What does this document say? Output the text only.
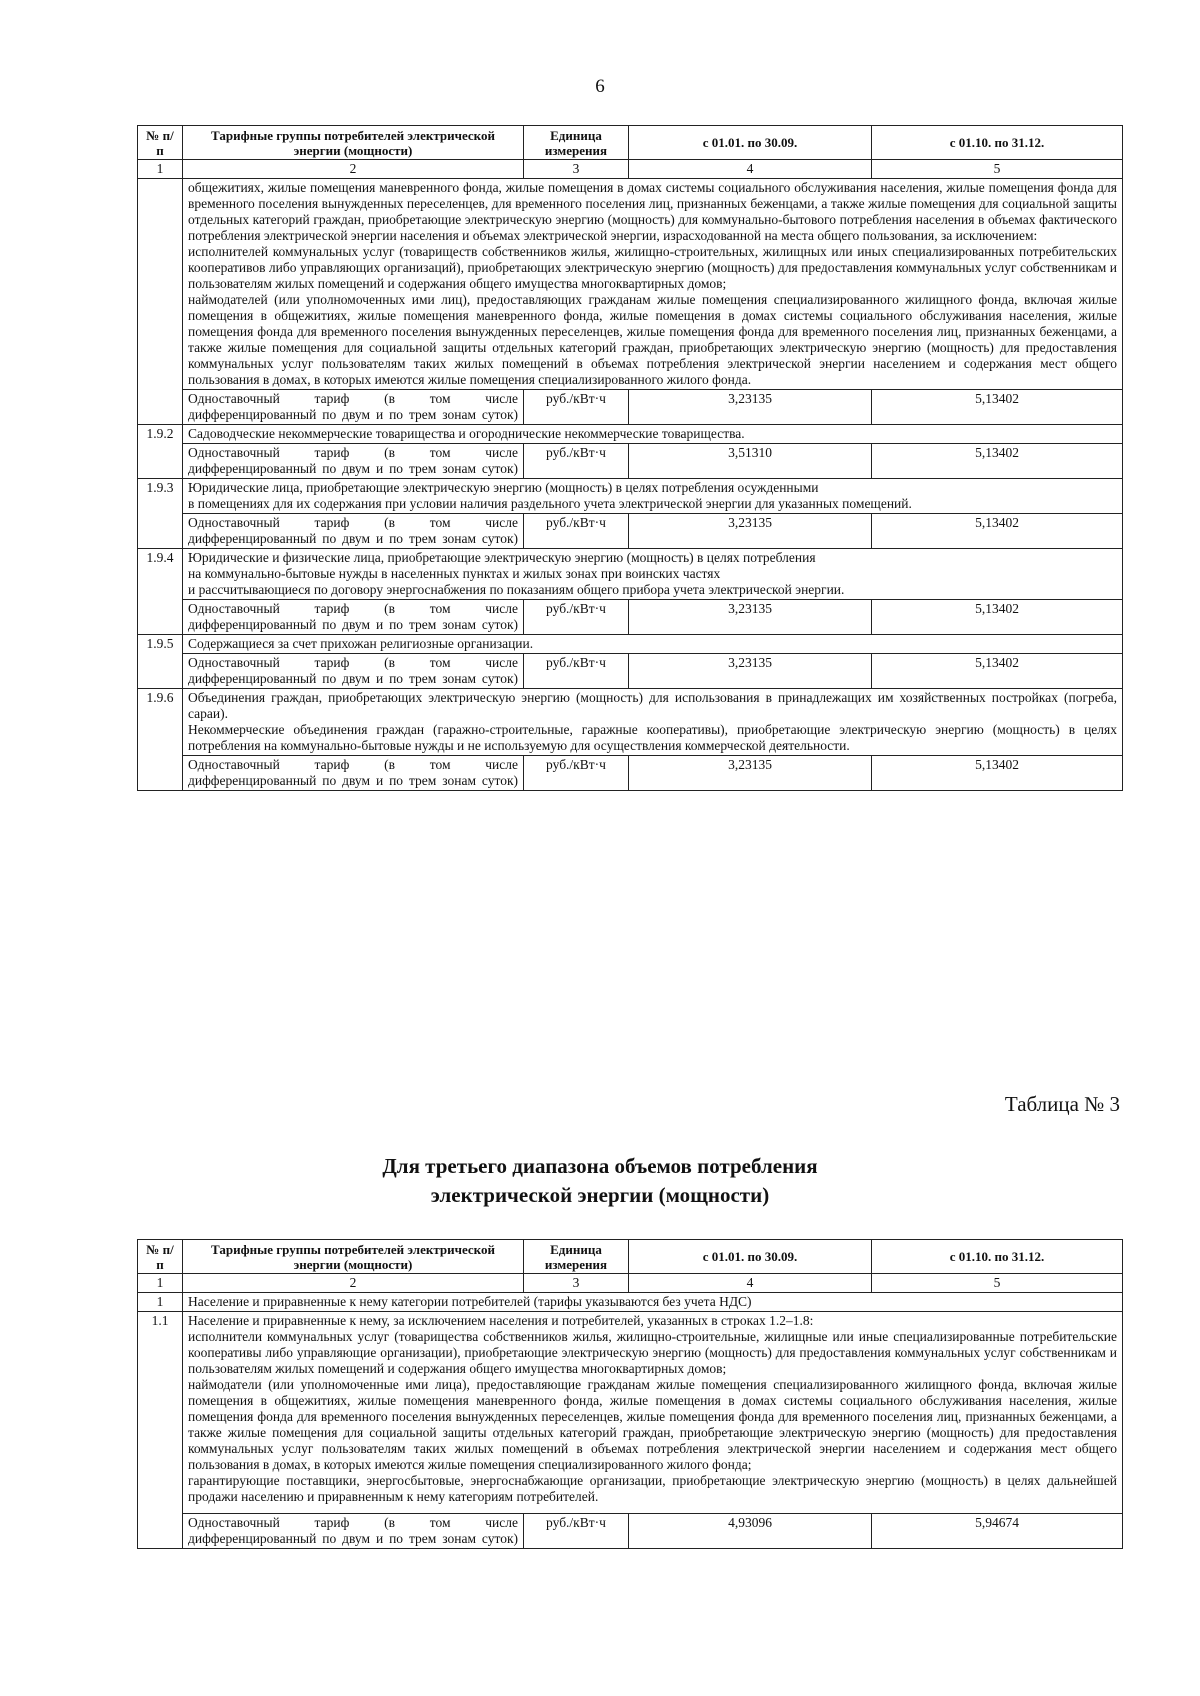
6
№ п/п	Тарифные группы потребителей электрической энергии (мощности)	Единица измерения	с 01.01. по 30.09.	с 01.10. по 31.12.
1	2	3	4	5
	общежитиях, жилые помещения маневренного фонда, жилые помещения в домах системы социального обслуживания населения, жилые помещения фонда для временного поселения вынужденных переселенцев, для временного поселения лиц, признанных беженцами, а также жилые помещения для социальной защиты отдельных категорий граждан, приобретающие электрическую энергию (мощность) для коммунально-бытового потребления населения в объемах фактического потребления электрической энергии населения и объемах электрической энергии, израсходованной на места общего пользования, за исключением:
исполнителей коммунальных услуг (товариществ собственников жилья, жилищно-строительных, жилищных или иных специализированных потребительских кооперативов либо управляющих организаций), приобретающих электрическую энергию (мощность) для предоставления коммунальных услуг собственникам и пользователям жилых помещений и содержания общего имущества многоквартирных домов;
наймодателей (или уполномоченных ими лиц), предоставляющих гражданам жилые помещения специализированного жилищного фонда, включая жилые помещения в общежитиях, жилые помещения маневренного фонда, жилые помещения в домах системы социального обслуживания населения, жилые помещения фонда для временного поселения вынужденных переселенцев, жилые помещения фонда для временного поселения лиц, признанных беженцами, а также жилые помещения для социальной защиты отдельных категорий граждан, приобретающих электрическую энергию (мощность) для предоставления коммунальных услуг пользователям таких жилых помещений в объемах потребления электрической энергии населением и содержания мест общего пользования в домах, в которых имеются жилые помещения специализированного жилого фонда.			
	Одноставочный тариф (в том числе дифференцированный по двум и по трем зонам суток)	руб./кВт·ч	3,23135	5,13402
1.9.2	Садоводческие некоммерческие товарищества и огороднические некоммерческие товарищества.			
	Одноставочный тариф (в том числе дифференцированный по двум и по трем зонам суток)	руб./кВт·ч	3,51310	5,13402
1.9.3	Юридические лица, приобретающие электрическую энергию (мощность) в целях потребления осужденными
в помещениях для их содержания при условии наличия раздельного учета электрической энергии для указанных помещений.			
	Одноставочный тариф (в том числе дифференцированный по двум и по трем зонам суток)	руб./кВт·ч	3,23135	5,13402
1.9.4	Юридические и физические лица, приобретающие электрическую энергию (мощность) в целях потребления
на коммунально-бытовые нужды в населенных пунктах и жилых зонах при воинских частях
и рассчитывающиеся по договору энергоснабжения по показаниям общего прибора учета электрической энергии.			
	Одноставочный тариф (в том числе дифференцированный по двум и по трем зонам суток)	руб./кВт·ч	3,23135	5,13402
1.9.5	Содержащиеся за счет прихожан религиозные организации.			
	Одноставочный тариф (в том числе дифференцированный по двум и по трем зонам суток)	руб./кВт·ч	3,23135	5,13402
1.9.6	Объединения граждан, приобретающих электрическую энергию (мощность) для использования в принадлежащих им хозяйственных постройках (погреба, сараи).

Некоммерческие объединения граждан (гаражно-строительные, гаражные кооперативы), приобретающие электрическую энергию (мощность) в целях потребления на коммунально-бытовые нужды и не используемую для осуществления коммерческой деятельности.			

	Одноставочный тариф (в том числе дифференцированный по двум и по трем зонам суток)	руб./кВт·ч	3,23135	5,13402
Таблица № 3
Для третьего диапазона объемов потребления
электрической энергии (мощности)
№ п/п	Тарифные группы потребителей электрической энергии (мощности)	Единица измерения	с 01.01. по 30.09.	с 01.10. по 31.12.
1	2	3	4	5
1	Население и приравненные к нему категории потребителей (тарифы указываются без учета НДС)			
1.1	Население и приравненные к нему, за исключением населения и потребителей, указанных в строках 1.2–1.8:

исполнители коммунальных услуг (товарищества собственников жилья, жилищно-строительные, жилищные или иные специализированные потребительские кооперативы либо управляющие организации), приобретающие электрическую энергию (мощность) для предоставления коммунальных услуг собственникам и пользователям жилых помещений и содержания общего имущества многоквартирных домов;

наймодатели (или уполномоченные ими лица), предоставляющие гражданам жилые помещения специализированного жилищного фонда, включая жилые помещения в общежитиях, жилые помещения маневренного фонда, жилые помещения в домах системы социального обслуживания населения, жилые помещения фонда для временного поселения вынужденных переселенцев, жилые помещения фонда для временного поселения лиц, признанных беженцами, а также жилые помещения для социальной защиты отдельных категорий граждан, приобретающие электрическую энергию (мощность) для предоставления коммунальных услуг пользователям таких жилых помещений в объемах потребления электрической энергии населением и содержания мест общего пользования в домах, в которых имеются жилые помещения специализированного жилого фонда;

гарантирующие поставщики, энергосбытовые, энергоснабжающие организации, приобретающие электрическую энергию (мощность) в целях дальнейшей продажи населению и приравненным к нему категориям потребителей.			

	Одноставочный тариф (в том числе дифференцированный по двум и по трем зонам суток)	руб./кВт·ч	4,93096	5,94674
